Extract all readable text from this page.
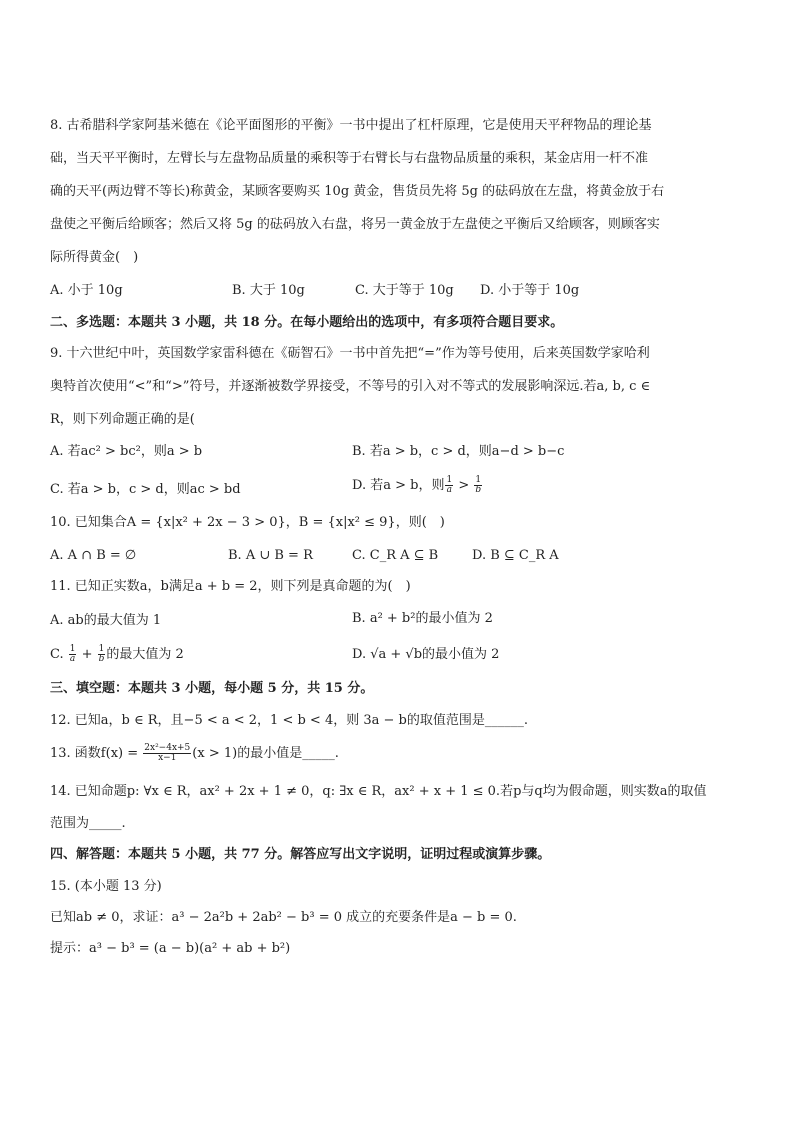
8. 古希腊科学家阿基米德在《论平面图形的平衡》一书中提出了杠杆原理，它是使用天平秤物品的理论基
础，当天平平衡时，左臂长与左盘物品质量的乘积等于右臂长与右盘物品质量的乘积，某金店用一杆不准
确的天平(两边臂不等长)称黄金，某顾客要购买 10g 黄金，售货员先将 5g 的砝码放在左盘，将黄金放于右
盘使之平衡后给顾客；然后又将 5g 的砝码放入右盘，将另一黄金放于左盘使之平衡后又给顾客，则顾客实
际所得黄金(　)
A. 小于 10g	B. 大于 10g	C. 大于等于 10g D. 小于等于 10g
二、多选题：本题共 3 小题，共 18 分。在每小题给出的选项中，有多项符合题目要求。
9. 十六世纪中叶，英国数学家雷科德在《砺智石》一书中首先把“=”作为等号使用，后来英国数学家哈利
奥特首次使用“<”和“>”符号，并逐渐被数学界接受，不等号的引入对不等式的发展影响深远.若a, b, c ∈
R，则下列命题正确的是(
A. 若ac² > bc²，则a > b	B. 若a > b，c > d，则a−d > b−c
C. 若a > b，c > d，则ac > bd	D. 若a > b，则 $\frac{1}{a} > \frac{1}{b}$
10. 已知集合A = {x|x² + 2x − 3 > 0}，B = {x|x² ≤ 9}，则(　)
A. A ∩ B = ∅	B. A ∪ B = R	C. C_R A ⊆ B	D. B ⊆ C_R A
11. 已知正实数a，b满足a + b = 2，则下列是真命题的为(　)
A. ab的最大值为 1	B. a² + b²的最小值为 2
C. $\frac{1}{a} + \frac{1}{b}$ 的最大值为 2	D. √a + √b的最小值为 2
三、填空题：本题共 3 小题，每小题 5 分，共 15 分。
12. 已知a，b ∈ R，且−5 < a < 2，1 < b < 4，则 3a − b的取值范围是______.
13. 函数$f(x) = \frac{\text{2x²−4x+5}}{x-1} (x > 1)$的最小值是_____.
14. 已知命题p: ∀x ∈ R，ax² + 2x + 1 ≠ 0，q: ∃x ∈ R，ax² + x + 1 ≤ 0.若p与q均为假命题，则实数a的取值
范围为_____.
四、解答题：本题共 5 小题，共 77 分。解答应写出文字说明，证明过程或演算步骤。
15. (本小题 13 分)
已知ab ≠ 0，求证：a³ − 2a²b + 2ab² − b³ = 0 成立的充要条件是a − b = 0.
提示：a³ − b³ = (a − b)(a² + ab + b²)
